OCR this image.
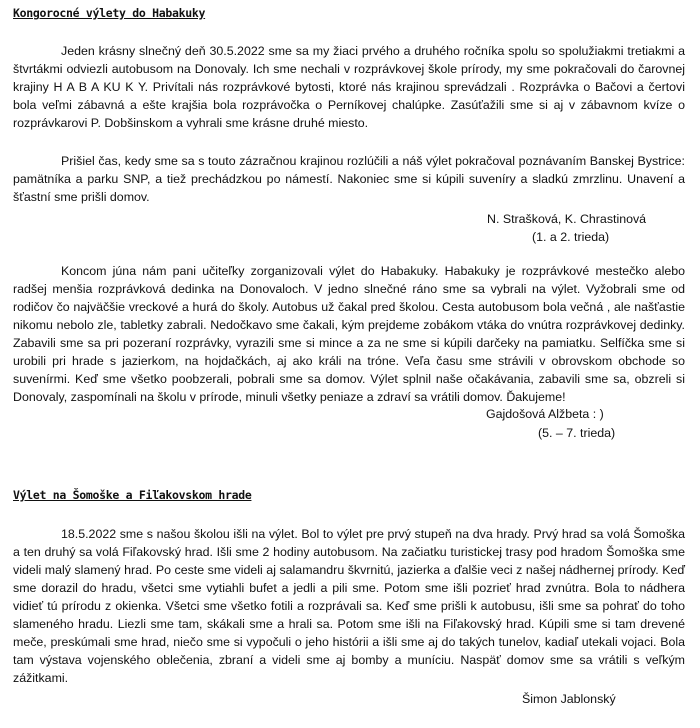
Kongorocné výlety do Habakuky

Jeden krásny slnečný deň 30.5.2022 sme sa my žiaci prvého a druhého ročníka spolu so spolužiakmi tretiakmi a štvrtákmi odviezli autobusom na Donovaly. Ich sme nechali v rozprávkovej škole prírody, my sme pokračovali do čarovnej krajiny H A B A KU K Y. Privítali nás rozprávkové bytosti, ktoré nás krajinou sprevádzali . Rozprávka o Bačovi a čertovi bola veľmi zábavná a ešte krajšia bola rozprávočka o Perníkovej chalúpke. Zasúťažili sme si aj v zábavnom kvíze o rozprávkarovi P. Dobšinskom a vyhrali sme krásne druhé miesto.

Prišiel čas, kedy sme sa s touto zázračnou krajinou rozlúčili a náš výlet pokračoval poznávaním Banskej Bystrice: pamätníka a parku SNP, a tiež prechádzkou po námestí. Nakoniec sme si kúpili suveníry a sladkú zmrzlinu. Unavení a šťastní sme prišli domov.

N. Strašková, K. Chrastinová
(1. a 2. trieda)

Koncom júna nám pani učiteľky zorganizovali výlet do Habakuky. Habakuky je rozprávkové mestečko alebo radšej menšia rozprávková dedinka na Donovaloch. V jedno slnečné ráno sme sa vybrali na výlet. Vyžobrali sme od rodičov čo najväčšie vreckové a hurá do školy. Autobus už čakal pred školou. Cesta autobusom bola večná , ale našťastie nikomu nebolo zle, tabletky zabrali. Nedočkavo sme čakali, kým prejdeme zobákom vtáka do vnútra rozprávkovej dedinky. Zabavili sme sa pri pozeraní rozprávky, vyrazili sme si mince a za ne sme si kúpili darčeky na pamiatku. Selfíčka sme si urobili pri hrade s jazierkom, na hojdačkách, aj ako králi na tróne. Veľa času sme strávili v obrovskom obchode so suvenírmi. Keď sme všetko poobzerali, pobrali sme sa domov. Výlet splnil naše očakávania, zabavili sme sa, obzreli si Donovaly, zaspomínali na školu v prírode, minuli všetky peniaze a zdraví sa vrátili domov. Ďakujeme!

Gajdošová Alžbeta : )
(5. – 7. trieda)
Výlet na Šomoške a Fiľakovskom hrade

18.5.2022 sme s našou školou išli na výlet. Bol to výlet pre prvý stupeň na dva hrady. Prvý hrad sa volá Šomoška a ten druhý sa volá Fiľakovský hrad. Išli sme 2 hodiny autobusom. Na začiatku turistickej trasy pod hradom Šomoška sme videli malý slamený hrad. Po ceste sme videli aj salamandru škvrnitú, jazierka a ďalšie veci z našej nádhernej prírody. Keď sme dorazil do hradu, všetci sme vytiahli bufet a jedli a pili sme. Potom sme išli pozrieť hrad zvnútra. Bola to nádhera vidieť tú prírodu z okienka. Všetci sme všetko fotili a rozprávali sa. Keď sme prišli k autobusu, išli sme sa pohrať do toho slameného hradu. Liezli sme tam, skákali sme a hrali sa. Potom sme išli na Fiľakovský hrad. Kúpili sme si tam drevené meče, preskúmali sme hrad, niečo sme si vypočuli o jeho histórii a išli sme aj do takých tunelov, kadiaľ utekali vojaci. Bola tam výstava vojenského oblečenia, zbraní a videli sme aj bomby a muníciu. Naspäť domov sme sa vrátili s veľkým zážitkami.

Šimon Jablonský
